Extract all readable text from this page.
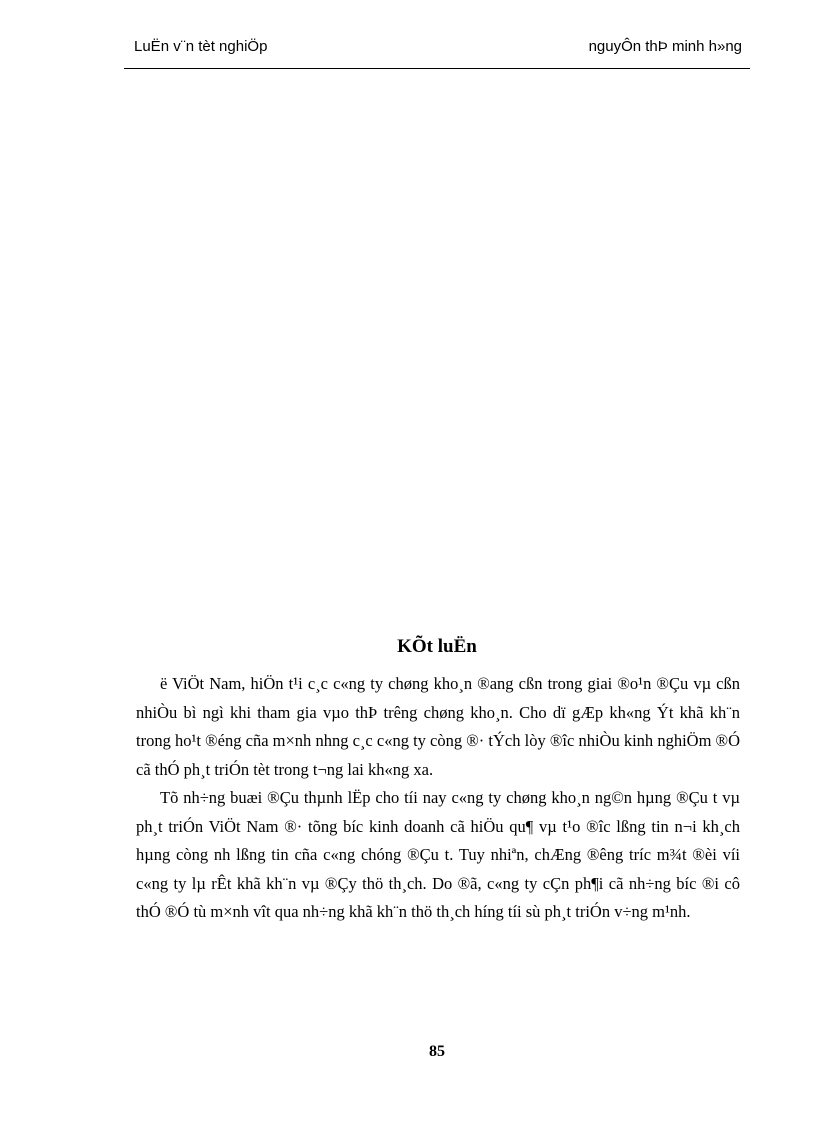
LuËn v¨n tèt nghiÖp	nguyÔn thÞ minh h»ng
KÕt luËn

ë ViÖt Nam, hiÖn t¹i c¸c c«ng ty chøng kho¸n ®ang cßn trong giai ®o¹n ®Çu vµ cßn nhiÒu bì ngì khi tham gia vµo thÞ trêng chøng kho¸n. Cho dï gÆp kh«ng Ýt khã kh¨n trong ho¹t ®éng cña m×nh nhng c¸c c«ng ty còng ®· tÝch lòy ®îc nhiÒu kinh nghiÖm ®Ó cã thÓ ph¸t triÓn tèt trong t¬ng lai kh«ng xa.

Tõ nh÷ng buæi ®Çu thµnh lËp cho tíi nay c«ng ty chøng kho¸n ng©n hµng ®Çu t vµ ph¸t triÓn ViÖt Nam ®· tõng bíc kinh doanh cã hiÖu qu¶ vµ t¹o ®îc lßng tin n¬i kh¸ch hµng còng nh lßng tin cña c«ng chóng ®Çu t. Tuy nhiªn, chÆng ®êng tríc m¾t ®èi víi c«ng ty lµ rÊt khã kh¨n vµ ®Çy thö th¸ch. Do ®ã, c«ng ty cÇn ph¶i cã nh÷ng bíc ®i cô thÓ ®Ó tù m×nh vît qua nh÷ng khã kh¨n thö th¸ch híng tíi sù ph¸t triÓn v÷ng m¹nh.

85
